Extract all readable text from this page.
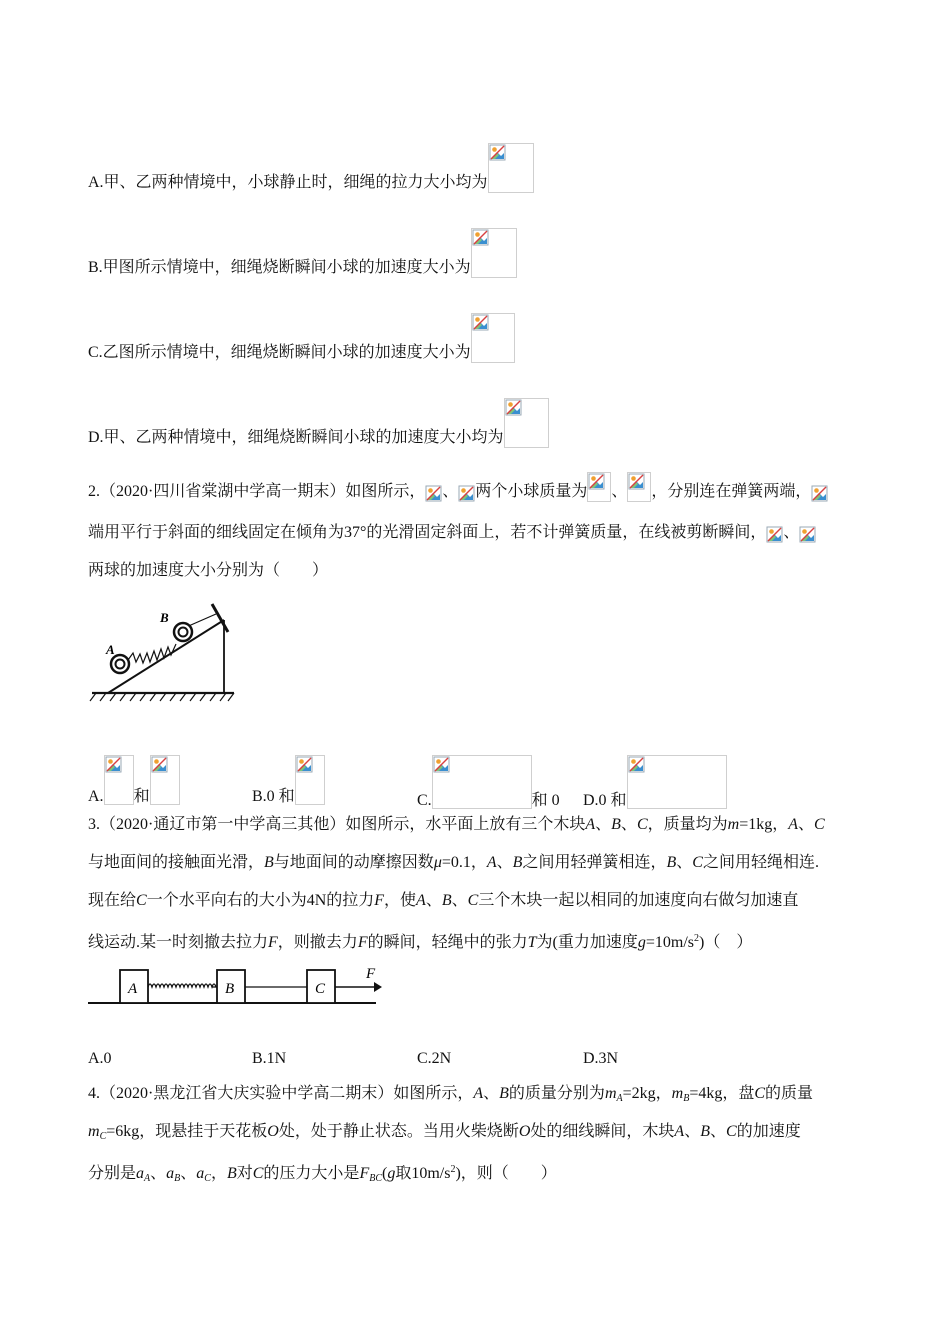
A.甲、乙两种情境中，小球静止时，细绳的拉力大小均为
B.甲图所示情境中，细绳烧断瞬间小球的加速度大小为
C.乙图所示情境中，细绳烧断瞬间小球的加速度大小为
D.甲、乙两种情境中，细绳烧断瞬间小球的加速度大小均为
2.（2020·四川省棠湖中学高一期末）如图所示， 、 两个小球质量为 、 ，分别连在弹簧两端，
端用平行于斜面的细线固定在倾角为37°的光滑固定斜面上，若不计弹簧质量，在线被剪断瞬间， 、
两球的加速度大小分别为（　　）
A
B
A. 和	B.0 和	C.	和 0 D.0 和
3.（2020·通辽市第一中学高三其他）如图所示，水平面上放有三个木块A、B、C，质量均为m=1kg，A、C
与地面间的接触面光滑，B与地面间的动摩擦因数μ=0.1，A、B之间用轻弹簧相连，B、C之间用轻绳相连.
现在给C一个水平向右的大小为4N的拉力F，使A、B、C三个木块一起以相同的加速度向右做匀加速直
线运动.某一时刻撤去拉力F，则撤去力F的瞬间，轻绳中的张力T为(重力加速度$g=10m/s^2$)（　）
A	B	C
F
A.0	B.1N	C.2N	D.3N
4.（2020·黑龙江省大庆实验中学高二期末）如图所示，A、B的质量分别为$m_A=2kg$，$m_B=4kg$，盘C的质量
$m_C=6kg$，现悬挂于天花板O处，处于静止状态。当用火柴烧断O处的细线瞬间，木块A、B、C的加速度
分别是$a_A$、$a_B$、$a_C$，B对C的压力大小是$F_{BC}(g$取$10m/s^2$)，则（　　）
